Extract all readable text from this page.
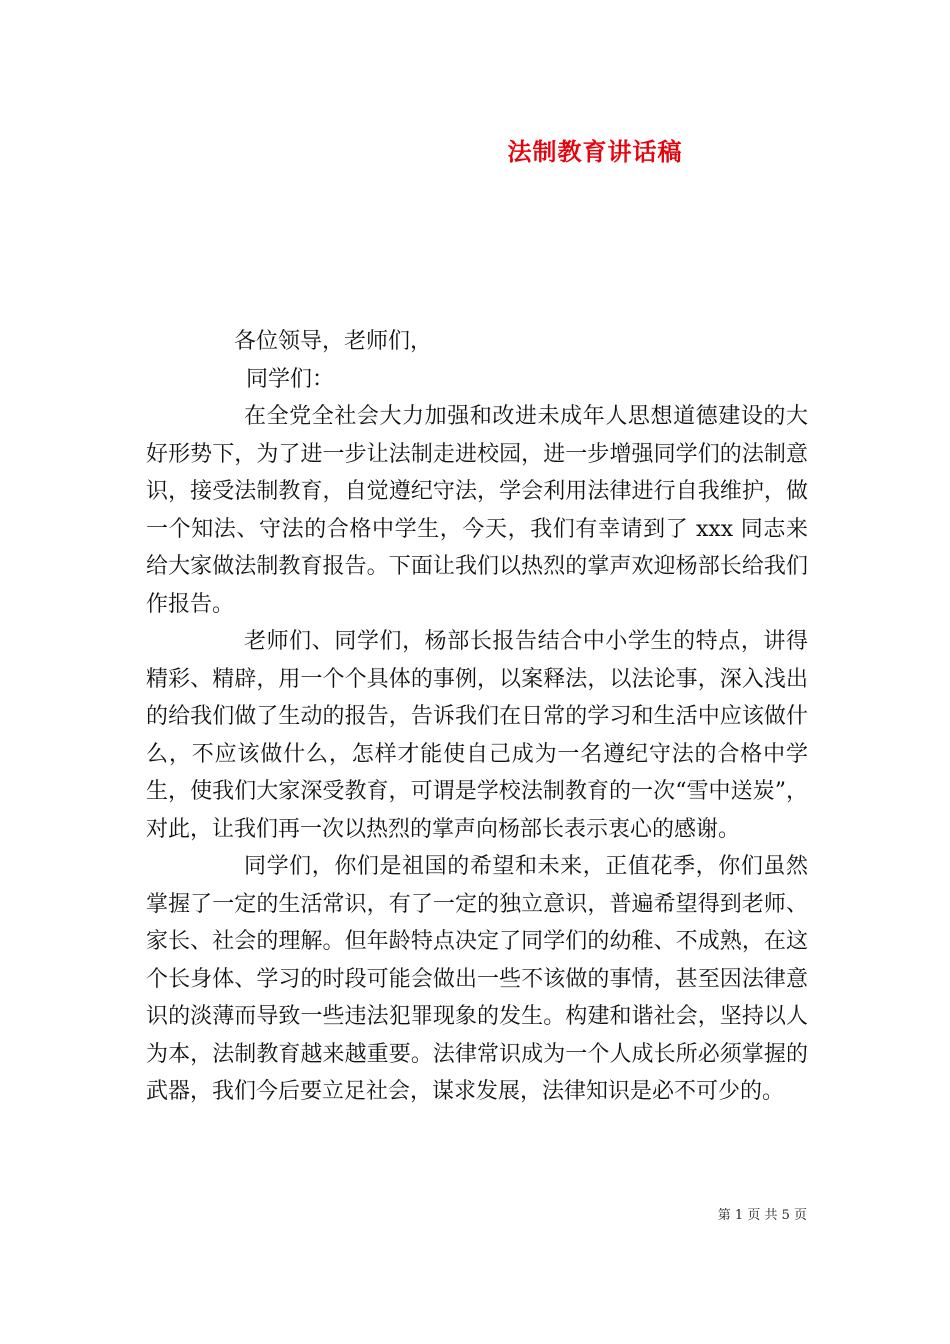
法制教育讲话稿
各位领导，老师们，
同学们：

在全党全社会大力加强和改进未成年人思想道德建设的大好形势下，为了进一步让法制走进校园，进一步增强同学们的法制意识，接受法制教育，自觉遵纪守法，学会利用法律进行自我维护，做一个知法、守法的合格中学生，今天，我们有幸请到了 xxx 同志来给大家做法制教育报告。下面让我们以热烈的掌声欢迎杨部长给我们作报告。

老师们、同学们，杨部长报告结合中小学生的特点，讲得精彩、精辟，用一个个具体的事例，以案释法，以法论事，深入浅出的给我们做了生动的报告，告诉我们在日常的学习和生活中应该做什么，不应该做什么，怎样才能使自己成为一名遵纪守法的合格中学生，使我们大家深受教育，可谓是学校法制教育的一次“雪中送炭”，对此，让我们再一次以热烈的掌声向杨部长表示衷心的感谢。

同学们，你们是祖国的希望和未来，正值花季，你们虽然掌握了一定的生活常识，有了一定的独立意识，普遍希望得到老师、家长、社会的理解。但年龄特点决定了同学们的幼稚、不成熟，在这个长身体、学习的时段可能会做出一些不该做的事情，甚至因法律意识的淡薄而导致一些违法犯罪现象的发生。构建和谐社会，坚持以人为本，法制教育越来越重要。法律常识成为一个人成长所必须掌握的武器，我们今后要立足社会，谋求发展，法律知识是必不可少的。

第 1 页 共 5 页
